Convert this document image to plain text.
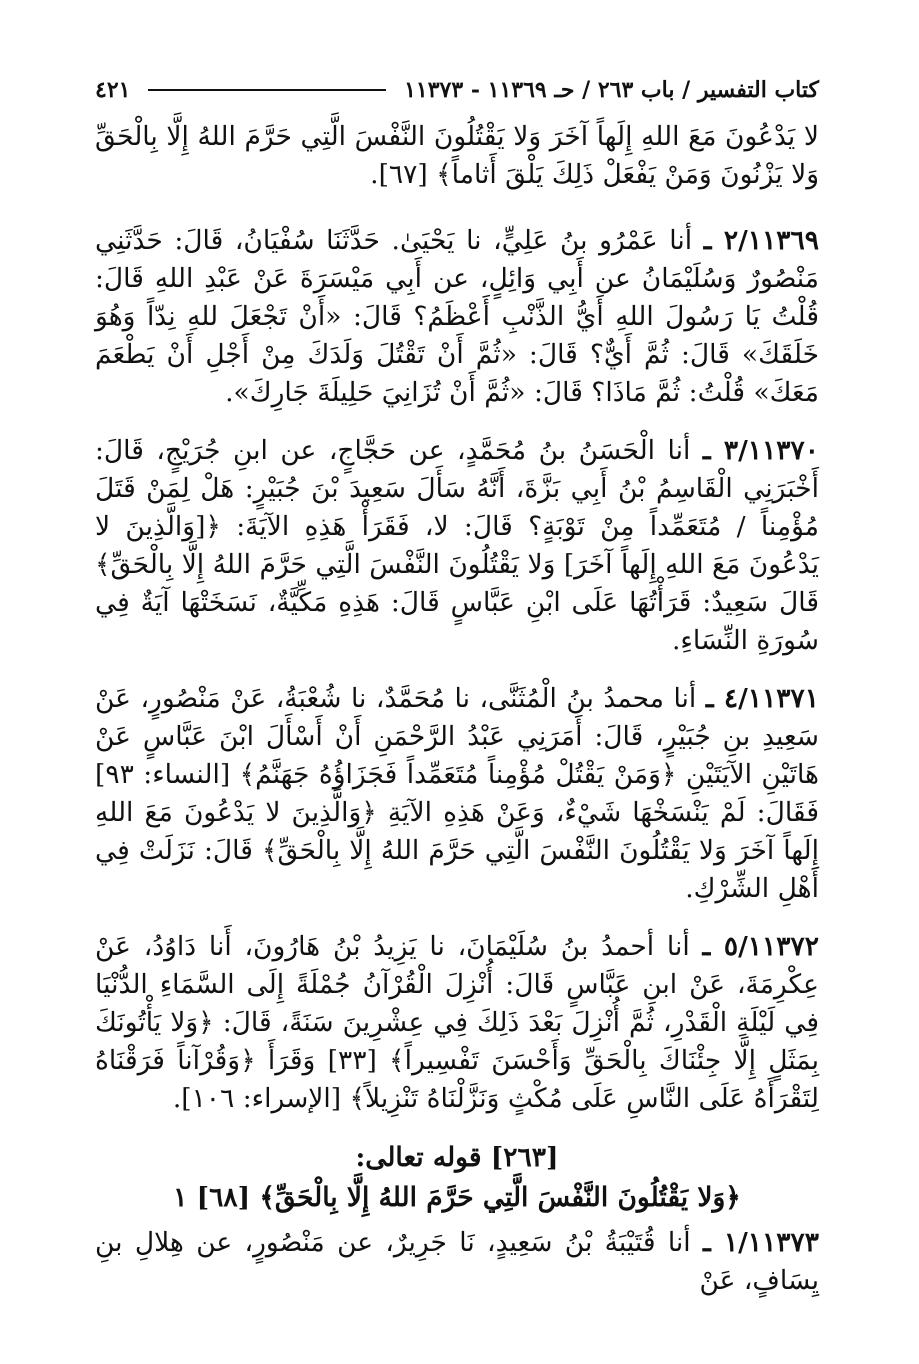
كتاب التفسير / باب ٢٦٣ / حـ ١١٣٦٩ - ١١٣٧٣
٤٢١

لا يَدْعُونَ مَعَ اللهِ إِلَهاً آخَرَ وَلا يَقْتُلُونَ النَّفْسَ الَّتِي حَرَّمَ اللهُ إِلَّا بِالْحَقِّ وَلا يَزْنُونَ وَمَنْ يَفْعَلْ ذَلِكَ يَلْقَ أَثاماً﴾ [٦٧].

٢/١١٣٦٩ ـ أنا عَمْرُو بنُ عَلِيٍّ، نا يَحْيَىٰ. حَدَّثَنَا سُفْيَانُ، قَالَ: حَدَّثَنِي مَنْصُورٌ وَسُلَيْمَانُ عن أَبِي وَائِلٍ، عن أَبِي مَيْسَرَةَ عَنْ عَبْدِ اللهِ قَالَ: قُلْتُ يَا رَسُولَ اللهِ أَيُّ الذَّنْبِ أَعْظَمُ؟ قَالَ: «أَنْ تَجْعَلَ للهِ نِدّاً وَهُوَ خَلَقَكَ» قَالَ: ثُمَّ أَيٌّ؟ قَالَ: «ثُمَّ أَنْ تَقْتُلَ وَلَدَكَ مِنْ أَجْلِ أَنْ يَطْعَمَ مَعَكَ» قُلْتُ: ثُمَّ مَاذَا؟ قَالَ: «ثُمَّ أَنْ تُزَانِيَ حَلِيلَةَ جَارِكَ».

٣/١١٣٧٠ ـ أنا الْحَسَنُ بنُ مُحَمَّدٍ، عن حَجَّاجٍ، عن ابنِ جُرَيْجٍ، قَالَ: أَخْبَرَنِي الْقَاسِمُ بْنُ أَبِي بَزَّةَ، أَنَّهُ سَأَلَ سَعِيدَ بْنَ جُبَيْرٍ: هَلْ لِمَنْ قَتَلَ مُؤْمِناً / مُتَعَمِّداً مِنْ تَوْبَةٍ؟ قَالَ: لا، فَقَرَأْ هَذِهِ الآيَةَ: ﴿[وَالَّذِينَ لا يَدْعُونَ مَعَ اللهِ إِلَهاً آخَرَ] وَلا يَقْتُلُونَ النَّفْسَ الَّتِي حَرَّمَ اللهُ إِلَّا بِالْحَقِّ﴾ قَالَ سَعِيدٌ: قَرَأْتُهَا عَلَى ابْنِ عَبَّاسٍ قَالَ: هَذِهِ مَكِّيَّةٌ، نَسَخَتْهَا آيَةٌ فِي سُورَةِ النِّسَاءِ.

٤/١١٣٧١ ـ أنا محمدُ بنُ الْمُثَنَّى، نا مُحَمَّدٌ، نا شُعْبَةُ، عَنْ مَنْصُورٍ، عَنْ سَعِيدِ بنِ جُبَيْرٍ، قَالَ: أَمَرَنِي عَبْدُ الرَّحْمَنِ أَنْ أَسْأَلَ ابْنَ عَبَّاسٍ عَنْ هَاتَيْنِ الآيَتَيْنِ ﴿وَمَنْ يَقْتُلْ مُؤْمِناً مُتَعَمِّداً فَجَزَاؤُهُ جَهَنَّمُ﴾ [النساء: ٩٣] فَقَالَ: لَمْ يَنْسَخْهَا شَيْءٌ، وَعَنْ هَذِهِ الآيَةِ ﴿وَالَّذِينَ لا يَدْعُونَ مَعَ اللهِ إِلَهاً آخَرَ وَلا يَقْتُلُونَ النَّفْسَ الَّتِي حَرَّمَ اللهُ إِلَّا بِالْحَقِّ﴾ قَالَ: نَزَلَتْ فِي أَهْلِ الشِّرْكِ.

٥/١١٣٧٢ ـ أنا أحمدُ بنُ سُلَيْمَانَ، نا يَزِيدُ بْنُ هَارُونَ، أَنا دَاوُدُ، عَنْ عِكْرِمَةَ، عَنْ ابنِ عَبَّاسٍ قَالَ: أُنْزِلَ الْقُرْآنُ جُمْلَةً إِلَى السَّمَاءِ الدُّنْيَا فِي لَيْلَةِ الْقَدْرِ، ثُمَّ أُنْزِلَ بَعْدَ ذَلِكَ فِي عِشْرِينَ سَنَةً، قَالَ: ﴿وَلا يَأْتُونَكَ بِمَثَلٍ إِلَّا جِئْنَاكَ بِالْحَقِّ وَأَحْسَنَ تَفْسِيراً﴾ [٣٣] وَقَرَأَ ﴿وَقُرْآناً فَرَقْنَاهُ لِتَقْرَأَهُ عَلَى النَّاسِ عَلَى مُكْثٍ وَنَزَّلْنَاهُ تَنْزِيلاً﴾ [الإسراء: ١٠٦].

[٢٦٣] قوله تعالى:
﴿وَلا يَقْتُلُونَ النَّفْسَ الَّتِي حَرَّمَ اللهُ إِلَّا بِالْحَقِّ﴾ [٦٨] ١

١/١١٣٧٣ ـ أنا قُتَيْبَةُ بْنُ سَعِيدٍ، نَا جَرِيرٌ، عن مَنْصُورٍ، عن هِلالِ بنِ يِسَافٍ، عَنْ
